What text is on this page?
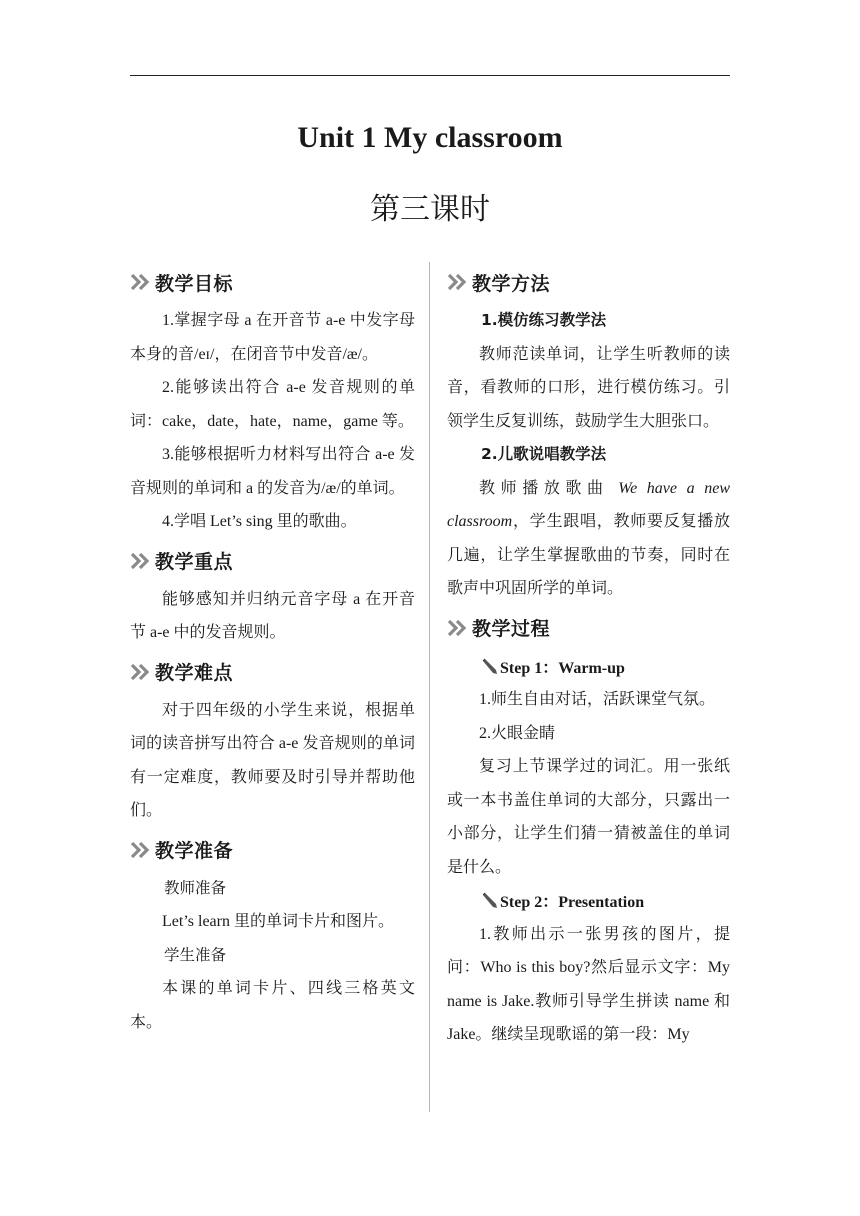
Unit 1 My classroom
第三课时
教学目标

1.掌握字母 a 在开音节 a-e 中发字母本身的音/eɪ/，在闭音节中发音/æ/。

2.能够读出符合 a-e 发音规则的单词：cake，date，hate，name，game 等。

3.能够根据听力材料写出符合 a-e 发音规则的单词和 a 的发音为/æ/的单词。

4.学唱 Let’s sing 里的歌曲。

教学重点

能够感知并归纳元音字母 a 在开音节 a-e 中的发音规则。

教学难点

对于四年级的小学生来说，根据单词的读音拼写出符合 a-e 发音规则的单词有一定难度，教师要及时引导并帮助他们。

教学准备
教师准备

Let’s learn 里的单词卡片和图片。

学生准备

本课的单词卡片、四线三格英文本。

教学方法
1.模仿练习教学法

教师范读单词，让学生听教师的读音，看教师的口形，进行模仿练习。引领学生反复训练，鼓励学生大胆张口。

2.儿歌说唱教学法

教师播放歌曲 We have a new classroom，学生跟唱，教师要反复播放几遍，让学生掌握歌曲的节奏，同时在歌声中巩固所学的单词。

教学过程
Step 1：Warm-up

1.师生自由对话，活跃课堂气氛。

2.火眼金睛

复习上节课学过的词汇。用一张纸或一本书盖住单词的大部分，只露出一小部分，让学生们猜一猜被盖住的单词是什么。

Step 2：Presentation

1.教师出示一张男孩的图片，提问：Who is this boy?然后显示文字：My name is Jake.教师引导学生拼读 name 和 Jake。继续呈现歌谣的第一段：My
